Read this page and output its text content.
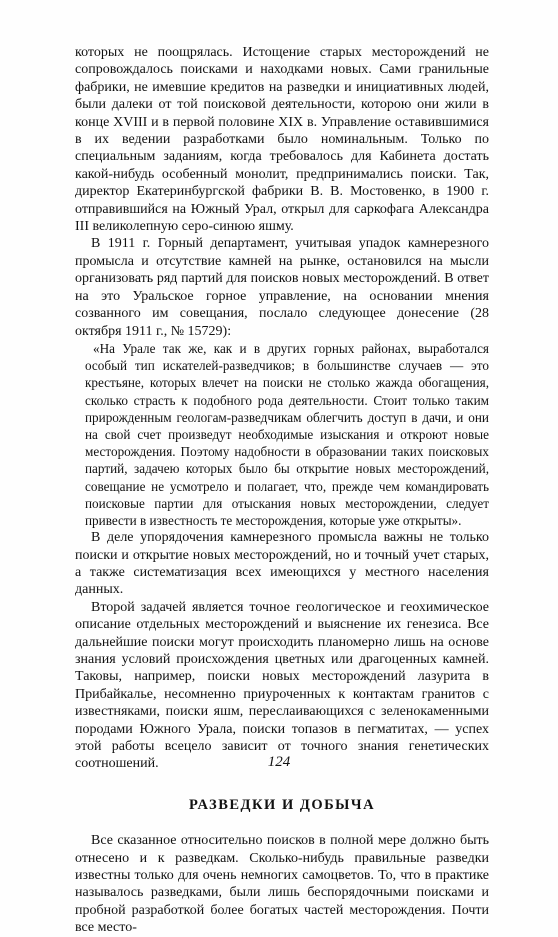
которых не поощрялась. Истощение старых месторождений не сопровождалось поисками и находками новых. Сами гранильные фабрики, не имевшие кредитов на разведки и инициативных людей, были далеки от той поисковой деятельности, которою они жили в конце XVIII и в первой половине XIX в. Управление оставившимися в их ведении разработками было номинальным. Только по специальным заданиям, когда требовалось для Кабинета достать какой-нибудь особенный монолит, предпринимались поиски. Так, директор Екатеринбургской фабрики В. В. Мостовенко, в 1900 г. отправившийся на Южный Урал, открыл для саркофага Александра III великолепную серо-синюю яшму.

В 1911 г. Горный департамент, учитывая упадок камнерезного промысла и отсутствие камней на рынке, остановился на мысли организовать ряд партий для поисков новых месторождений. В ответ на это Уральское горное управление, на основании мнения созванного им совещания, послало следующее донесение (28 октября 1911 г., № 15729):

«На Урале так же, как и в других горных районах, выработался особый тип искателей-разведчиков; в большинстве случаев — это крестьяне, которых влечет на поиски не столько жажда обогащения, сколько страсть к подобного рода деятельности. Стоит только таким прирожденным геологам-разведчикам облегчить доступ в дачи, и они на свой счет произведут необходимые изыскания и откроют новые месторождения. Поэтому надобности в образовании таких поисковых партий, задачею которых было бы открытие новых месторождений, совещание не усмотрело и полагает, что, прежде чем командировать поисковые партии для отыскания новых месторождении, следует привести в известность те месторождения, которые уже открыты».

В деле упорядочения камнерезного промысла важны не только поиски и открытие новых месторождений, но и точный учет старых, а также систематизация всех имеющихся у местного населения данных.

Второй задачей является точное геологическое и геохимическое описание отдельных месторождений и выяснение их генезиса. Все дальнейшие поиски могут происходить планомерно лишь на основе знания условий происхождения цветных или драгоценных камней. Таковы, например, поиски новых месторождений лазурита в Прибайкалье, несомненно приуроченных к контактам гранитов с известняками, поиски яшм, переслаивающихся с зеленокаменными породами Южного Урала, поиски топазов в пегматитах, — успех этой работы всецело зависит от точного знания генетических соотношений.

РАЗВЕДКИ И ДОБЫЧА

Все сказанное относительно поисков в полной мере должно быть отнесено и к разведкам. Сколько-нибудь правильные разведки известны только для очень немногих самоцветов. То, что в практике называлось разведками, были лишь беспорядочными поисками и пробной разработкой более богатых частей месторождения. Почти все место-

124
